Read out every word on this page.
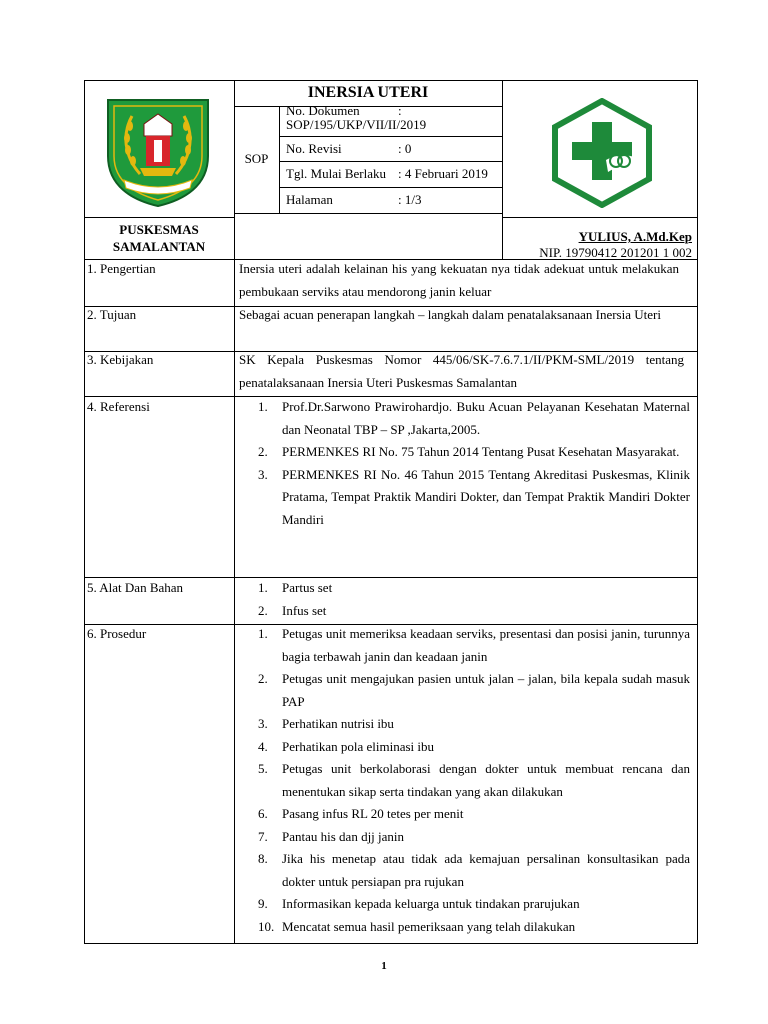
INERSIA UTERI
SOP
No. Dokumen	:
SOP/195/UKP/VII/II/2019
No. Revisi	: 0
Tgl. Mulai Berlaku : 4 Februari 2019
Halaman	: 1/3
PUSKESMAS
SAMALANTAN
YULIUS, A.Md.Kep
NIP. 19790412 201201 1 002
1. Pengertian	Inersia uteri adalah kelainan his yang kekuatan nya tidak adekuat untuk melakukan pembukaan serviks atau mendorong janin keluar
2. Tujuan	Sebagai acuan penerapan langkah – langkah dalam penatalaksanaan Inersia Uteri
3. Kebijakan	SK Kepala Puskesmas Nomor 445/06/SK-7.6.7.1/II/PKM-SML/2019 tentang penatalaksanaan Inersia Uteri Puskesmas Samalantan
4. Referensi	1.	Prof.Dr.Sarwono Prawirohardjo. Buku Acuan Pelayanan Kesehatan Maternal dan Neonatal TBP – SP ,Jakarta,2005.
2.	PERMENKES RI No. 75 Tahun 2014 Tentang Pusat Kesehatan Masyarakat.
3.	PERMENKES RI No. 46 Tahun 2015 Tentang Akreditasi Puskesmas, Klinik Pratama, Tempat Praktik Mandiri Dokter, dan Tempat Praktik Mandiri Dokter Mandiri
5. Alat Dan Bahan	1.	Partus set
2.	Infus set
6. Prosedur	1.	Petugas unit memeriksa keadaan serviks, presentasi dan posisi janin, turunnya bagia terbawah janin dan keadaan janin
2.	Petugas unit mengajukan pasien untuk jalan – jalan, bila kepala sudah masuk PAP
3.	Perhatikan nutrisi ibu
4.	Perhatikan pola eliminasi ibu
5.	Petugas unit berkolaborasi dengan dokter untuk membuat rencana dan menentukan sikap serta tindakan yang akan dilakukan
6.	Pasang infus RL 20 tetes per menit
7.	Pantau his dan djj janin
8.	Jika his menetap atau tidak ada kemajuan persalinan konsultasikan pada dokter untuk persiapan pra rujukan
9.	Informasikan kepada keluarga untuk tindakan prarujukan
10. Mencatat semua hasil pemeriksaan yang telah dilakukan
1
